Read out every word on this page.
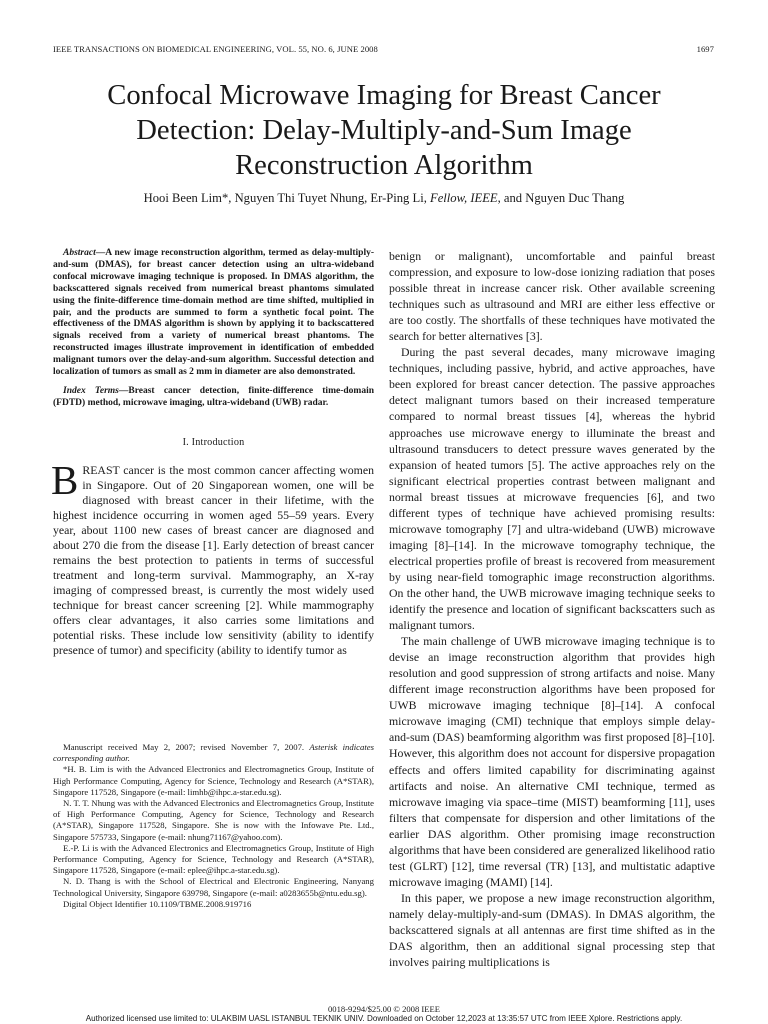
IEEE TRANSACTIONS ON BIOMEDICAL ENGINEERING, VOL. 55, NO. 6, JUNE 2008	1697
Confocal Microwave Imaging for Breast Cancer
Detection: Delay-Multiply-and-Sum Image
Reconstruction Algorithm
Hooi Been Lim*, Nguyen Thi Tuyet Nhung, Er-Ping Li, Fellow, IEEE, and Nguyen Duc Thang

Abstract—A new image reconstruction algorithm, termed as delay-multiply-and-sum (DMAS), for breast cancer detection using an ultra-wideband confocal microwave imaging technique is proposed. In DMAS algorithm, the backscattered signals received from numerical breast phantoms simulated using the finite-difference time-domain method are time shifted, multiplied in pair, and the products are summed to form a synthetic focal point. The effectiveness of the DMAS algorithm is shown by applying it to backscattered signals received from a variety of numerical breast phantoms. The reconstructed images illustrate improvement in identification of embedded malignant tumors over the delay-and-sum algorithm. Successful detection and localization of tumors as small as 2 mm in diameter are also demonstrated.

Index Terms—Breast cancer detection, finite-difference time-domain (FDTD) method, microwave imaging, ultra-wideband (UWB) radar.

I. Introduction

BREAST cancer is the most common cancer affecting women in Singapore. Out of 20 Singaporean women, one will be diagnosed with breast cancer in their lifetime, with the highest incidence occurring in women aged 55–59 years. Every year, about 1100 new cases of breast cancer are diagnosed and about 270 die from the disease [1]. Early detection of breast cancer remains the best protection to patients in terms of successful treatment and long-term survival. Mammography, an X-ray imaging of compressed breast, is currently the most widely used technique for breast cancer screening [2]. While mammography offers clear advantages, it also carries some limitations and potential risks. These include low sensitivity (ability to identify presence of tumor) and specificity (ability to identify tumor as

Manuscript received May 2, 2007; revised November 7, 2007. Asterisk indicates corresponding author.

*H. B. Lim is with the Advanced Electronics and Electromagnetics Group, Institute of High Performance Computing, Agency for Science, Technology and Research (A*STAR), Singapore 117528, Singapore (e-mail: limhb@ihpc.a-star.edu.sg).

N. T. T. Nhung was with the Advanced Electronics and Electromagnetics Group, Institute of High Performance Computing, Agency for Science, Technology and Research (A*STAR), Singapore 117528, Singapore. She is now with the Infowave Pte. Ltd., Singapore 575733, Singapore (e-mail: nhung71167@yahoo.com).

E.-P. Li is with the Advanced Electronics and Electromagnetics Group, Institute of High Performance Computing, Agency for Science, Technology and Research (A*STAR), Singapore 117528, Singapore (e-mail: eplee@ihpc.a-star.edu.sg).

N. D. Thang is with the School of Electrical and Electronic Engineering, Nanyang Technological University, Singapore 639798, Singapore (e-mail: a0283655b@ntu.edu.sg).

Digital Object Identifier 10.1109/TBME.2008.919716

benign or malignant), uncomfortable and painful breast compression, and exposure to low-dose ionizing radiation that poses possible threat in increase cancer risk. Other available screening techniques such as ultrasound and MRI are either less effective or are too costly. The shortfalls of these techniques have motivated the search for better alternatives [3].

During the past several decades, many microwave imaging techniques, including passive, hybrid, and active approaches, have been explored for breast cancer detection. The passive approaches detect malignant tumors based on their increased temperature compared to normal breast tissues [4], whereas the hybrid approaches use microwave energy to illuminate the breast and ultrasound transducers to detect pressure waves generated by the expansion of heated tumors [5]. The active approaches rely on the significant electrical properties contrast between malignant and normal breast tissues at microwave frequencies [6], and two different types of technique have achieved promising results: microwave tomography [7] and ultra-wideband (UWB) microwave imaging [8]–[14]. In the microwave tomography technique, the electrical properties profile of breast is recovered from measurement by using near-field tomographic image reconstruction algorithms. On the other hand, the UWB microwave imaging technique seeks to identify the presence and location of significant backscatters such as malignant tumors.

The main challenge of UWB microwave imaging technique is to devise an image reconstruction algorithm that provides high resolution and good suppression of strong artifacts and noise. Many different image reconstruction algorithms have been proposed for UWB microwave imaging technique [8]–[14]. A confocal microwave imaging (CMI) technique that employs simple delay-and-sum (DAS) beamforming algorithm was first proposed [8]–[10]. However, this algorithm does not account for dispersive propagation effects and offers limited capability for discriminating against artifacts and noise. An alternative CMI technique, termed as microwave imaging via space–time (MIST) beamforming [11], uses filters that compensate for dispersion and other limitations of the earlier DAS algorithm. Other promising image reconstruction algorithms that have been considered are generalized likelihood ratio test (GLRT) [12], time reversal (TR) [13], and multistatic adaptive microwave imaging (MAMI) [14].

In this paper, we propose a new image reconstruction algorithm, namely delay-multiply-and-sum (DMAS). In DMAS algorithm, the backscattered signals at all antennas are first time shifted as in the DAS algorithm, then an additional signal processing step that involves pairing multiplications is

0018-9294/$25.00 © 2008 IEEE
Authorized licensed use limited to: ULAKBIM UASL ISTANBUL TEKNIK UNIV. Downloaded on October 12,2023 at 13:35:57 UTC from IEEE Xplore. Restrictions apply.
